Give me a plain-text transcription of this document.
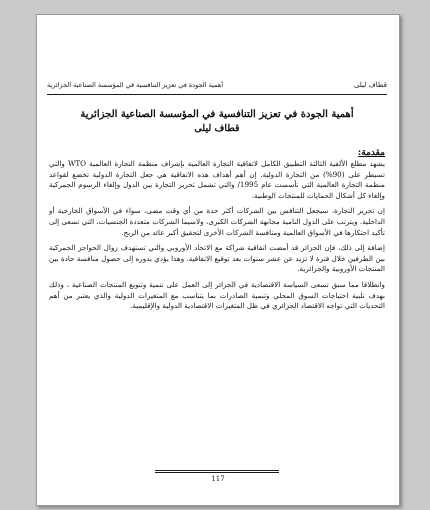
قطاف ليلى
أهمية الجودة في تعزيز التنافسية في المؤسسة الصناعية الجزائرية

أهمية الجودة في تعزيز التنافسية في المؤسسة الصناعية الجزائرية

قطاف ليلى

مقدمة:

يشهد مطلع الألفية الثالثة التطبيق الكامل لاتفاقية التجارة العالمية بإشراف منظمة التجارة العالمية WTO والتي تسيطر على (90%) من التجارة الدولية. إن أهم أهداف هذه الاتفاقية هي جعل التجارة الدولية تخضع لقواعد منظمة التجارة العالمية التي تأسست عام 1995/ والتي تشمل تحرير التجارة بين الدول وإلغاء الرسوم الجمركية وإلغاء كل أشكال الحمايات للمنتجات الوطنية.

إن تحرير التجارة، سيجعل التنافس بين الشركات أكثر حدة من أي وقت مضى، سواء في الأسواق الخارجية أو الداخلية. ويترتب على الدول النامية مجابهة الشركات الكبرى، ولاسيما الشركات متعددة الجنسيات، التي تسعى إلى تأكيد احتكارها في الأسواق العالمية ومنافسة الشركات الأخرى لتحقيق أكبر عائد من الربح.

إضافة إلى ذلك، فإن الجزائر قد أمضت اتفاقية شراكة مع الاتحاد الأوروبي والتي تستهدف زوال الحواجز الجمركية بين الطرفين خلال فترة لا تزيد عن عشر سنوات بعد توقيع الاتفاقية. وهذا يؤدي بدوره إلى حصول منافسة حادة بين المنتجات الأوروبية والجزائرية.

وانطلاقا مما سبق تسعى السياسة الاقتصادية في الجزائر إلى العمل على تنمية وتنويع المنتجات الصناعية ، وذلك بهدف تلبية احتياجات السوق المحلي وتنمية الصادرات بما يتناسب مع المتغيرات الدولية والذي يعتبر من أهم التحديات التي تواجه الاقتصاد الجزائري في ظل المتغيرات الاقتصادية الدولية والإقليمية.

117
